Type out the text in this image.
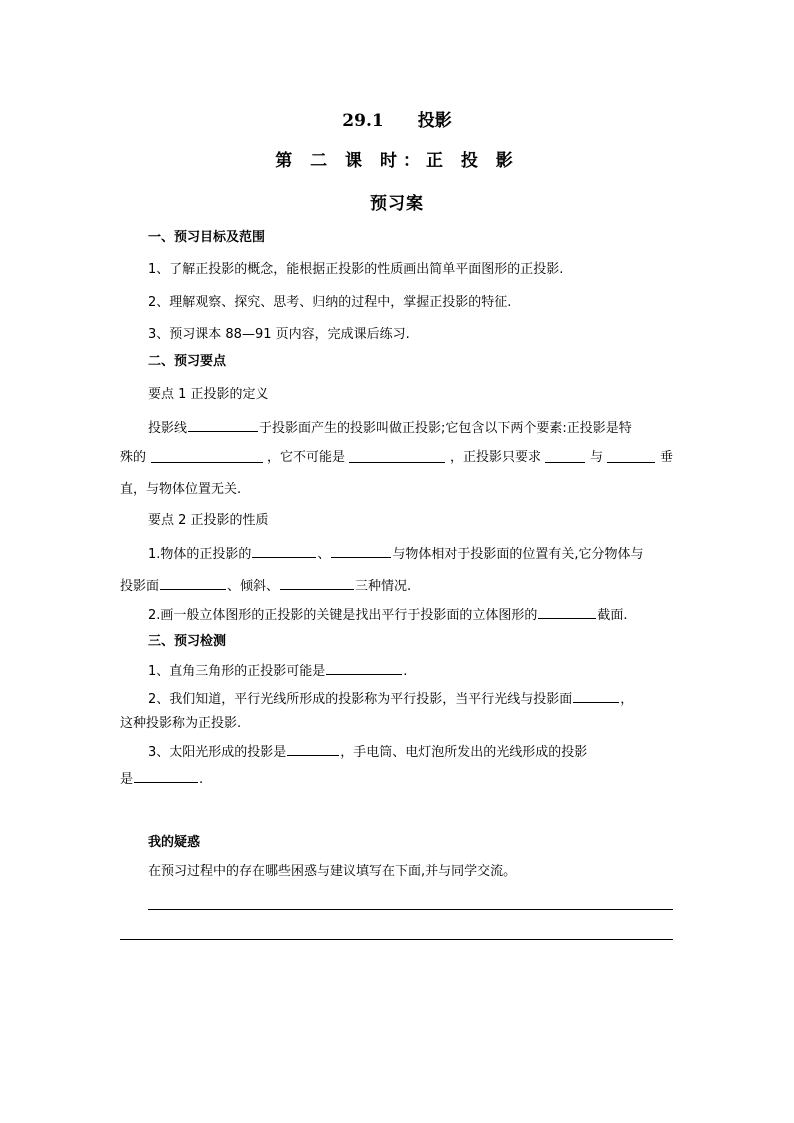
29.1 投影
第 二 课 时：正 投 影
预习案
一、预习目标及范围
1、了解正投影的概念，能根据正投影的性质画出简单平面图形的正投影.
2、理解观察、探究、思考、归纳的过程中，掌握正投影的特征.
3、预习课本 88—91 页内容，完成课后练习.
二、预习要点
要点 1 正投影的定义
投影线	于投影面产生的投影叫做正投影;它包含以下两个要素:正投影是特
殊的	，它不可能是	，正投影只要求	与	垂
直，与物体位置无关.
要点 2 正投影的性质
1.物体的正投影的	、	与物体相对于投影面的位置有关,它分物体与
投影面	、倾斜、	三种情况.
2.画一般立体图形的正投影的关键是找出平行于投影面的立体图形的	截面.
三、预习检测
1、直角三角形的正投影可能是	.
2、我们知道，平行光线所形成的投影称为平行投影，当平行光线与投影面	，
这种投影称为正投影.
3、太阳光形成的投影是	，手电筒、电灯泡所发出的光线形成的投影
是	.
我的疑惑
在预习过程中的存在哪些困惑与建议填写在下面,并与同学交流。
